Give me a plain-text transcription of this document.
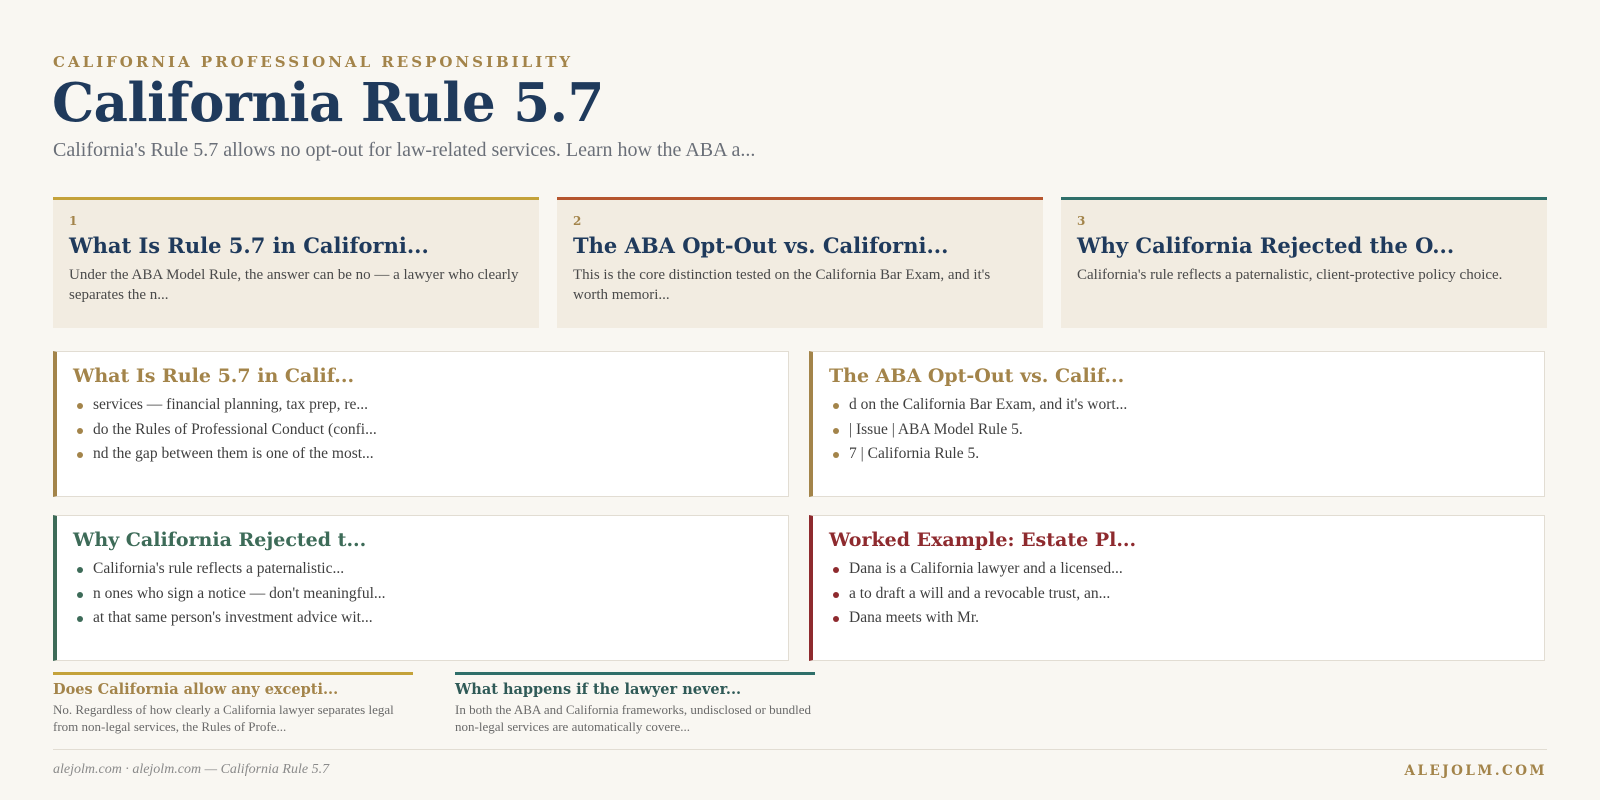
CALIFORNIA PROFESSIONAL RESPONSIBILITY
California Rule 5.7
California's Rule 5.7 allows no opt-out for law-related services. Learn how the ABA a...
1
What Is Rule 5.7 in Californi...
Under the ABA Model Rule, the answer can be no — a lawyer who clearly separates the n...
2
The ABA Opt-Out vs. Californi...
This is the core distinction tested on the California Bar Exam, and it's worth memori...
3
Why California Rejected the O...
California's rule reflects a paternalistic, client-protective policy choice.
What Is Rule 5.7 in Calif...
services — financial planning, tax prep, re...
do the Rules of Professional Conduct (confi...
nd the gap between them is one of the most...
The ABA Opt-Out vs. Calif...
d on the California Bar Exam, and it's wort...
| Issue | ABA Model Rule 5.
7 | California Rule 5.
Why California Rejected t...
California's rule reflects a paternalistic...
n ones who sign a notice — don't meaningful...
at that same person's investment advice wit...
Worked Example: Estate Pl...
Dana is a California lawyer and a licensed...
a to draft a will and a revocable trust, an...
Dana meets with Mr.
Does California allow any excepti...
No. Regardless of how clearly a California lawyer separates legal from non-legal services, the Rules of Profe...
What happens if the lawyer never...
In both the ABA and California frameworks, undisclosed or bundled non-legal services are automatically covere...
alejolm.com · alejolm.com — California Rule 5.7	ALEJOLM.COM
